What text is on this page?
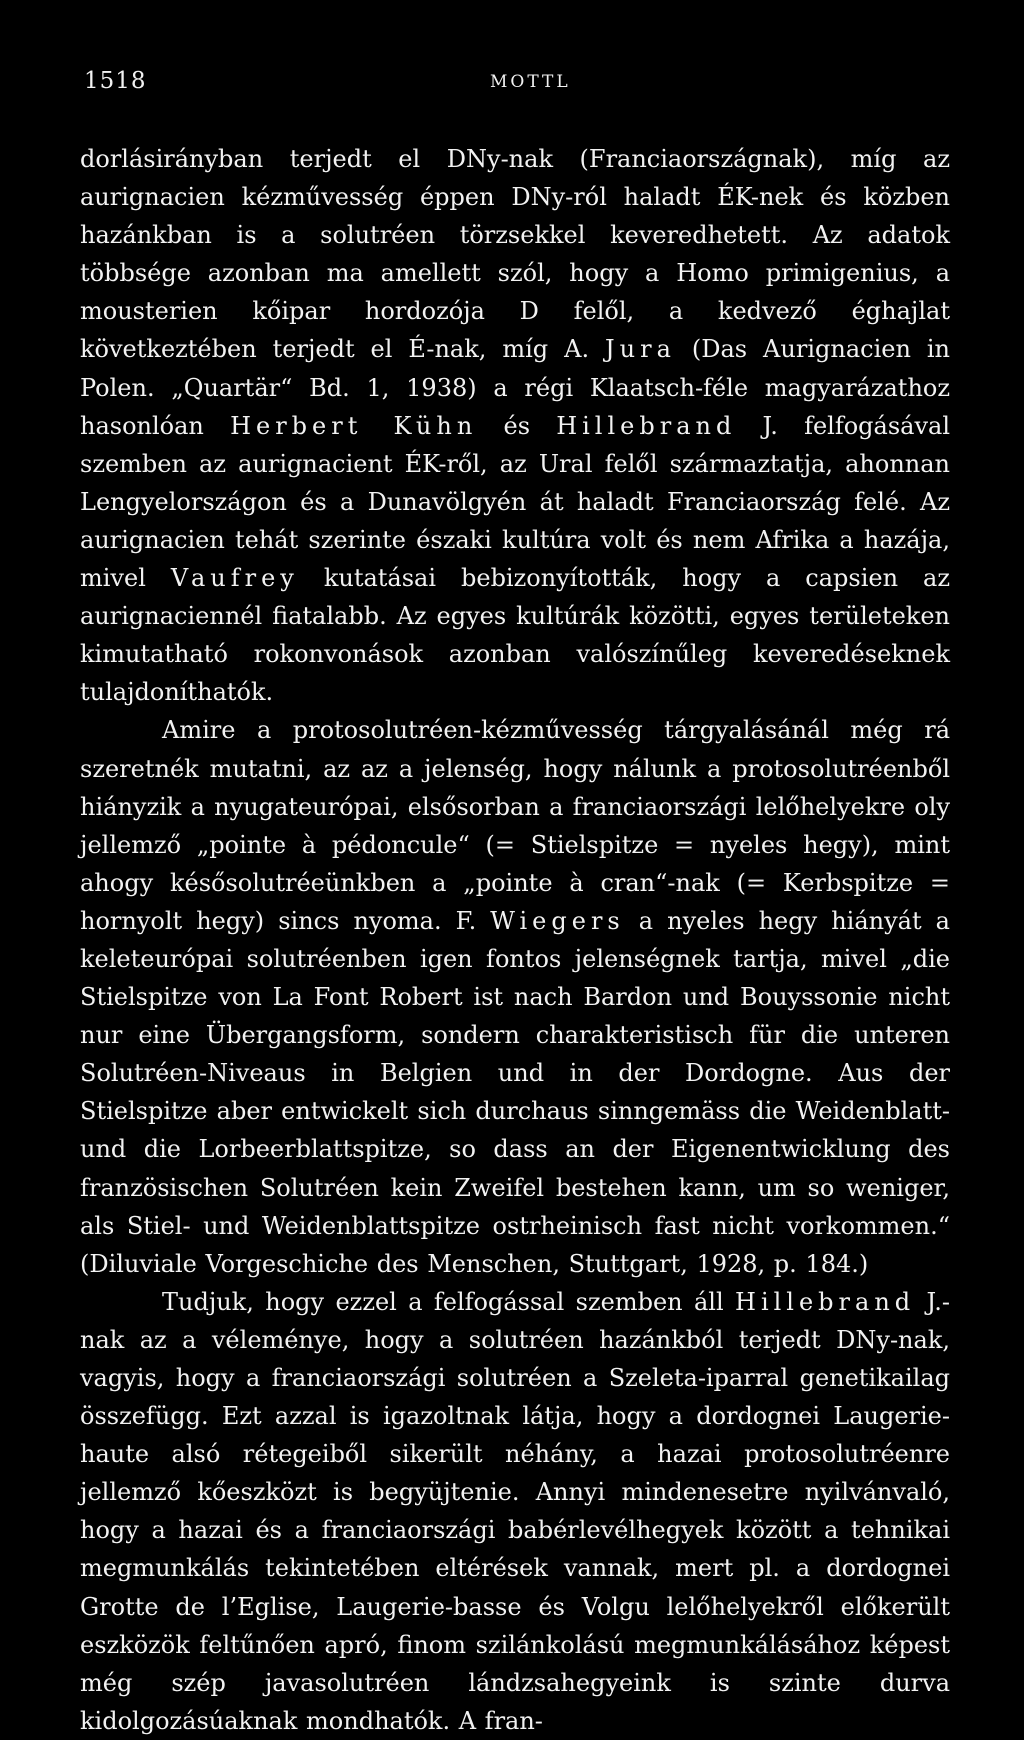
1518	MOTTL

dorlásirányban terjedt el DNy-nak (Franciaországnak), míg az aurignacien kézművesség éppen DNy-ról haladt ÉK-nek és közben hazánkban is a solutréen törzsekkel keveredhetett. Az adatok többsége azonban ma amellett szól, hogy a Homo primigenius, a mousterien kőipar hordozója D felől, a kedvező éghajlat következtében terjedt el É-nak, míg A. Jura (Das Aurignacien in Polen. „Quartär“ Bd. 1, 1938) a régi Klaatsch-féle magyarázathoz hasonlóan Herbert Kühn és Hillebrand J. felfogásával szemben az aurignacient ÉK-ről, az Ural felől származtatja, ahonnan Lengyelországon és a Dunavölgyén át haladt Franciaország felé. Az aurignacien tehát szerinte északi kultúra volt és nem Afrika a hazája, mivel Vaufrey kutatásai bebizonyították, hogy a capsien az aurignaciennél fiatalabb. Az egyes kultúrák közötti, egyes területeken kimutatható rokonvonások azonban valószínűleg keveredéseknek tulajdoníthatók.

Amire a protosolutréen-kézművesség tárgyalásánál még rá szeretnék mutatni, az az a jelenség, hogy nálunk a protosolutréenből hiányzik a nyugateurópai, elsősorban a franciaországi lelőhelyekre oly jellemző „pointe à pédoncule“ (= Stielspitze = nyeles hegy), mint ahogy késősolutréeünkben a „pointe à cran“-nak (= Kerbspitze = hornyolt hegy) sincs nyoma. F. Wiegers a nyeles hegy hiányát a keleteurópai solutréenben igen fontos jelenségnek tartja, mivel „die Stielspitze von La Font Robert ist nach Bardon und Bouyssonie nicht nur eine Übergangsform, sondern charakteristisch für die unteren Solutréen-Niveaus in Belgien und in der Dordogne. Aus der Stielspitze aber entwickelt sich durchaus sinngemäss die Weidenblatt- und die Lorbeerblattspitze, so dass an der Eigenentwicklung des französischen Solutréen kein Zweifel bestehen kann, um so weniger, als Stiel- und Weidenblattspitze ostrheinisch fast nicht vorkommen.“ (Diluviale Vorgeschiche des Menschen, Stuttgart, 1928, p. 184.)

Tudjuk, hogy ezzel a felfogással szemben áll Hillebrand J.-nak az a véleménye, hogy a solutréen hazánkból terjedt DNy-nak, vagyis, hogy a franciaországi solutréen a Szeleta-iparral genetikailag összefügg. Ezt azzal is igazoltnak látja, hogy a dordognei Laugerie-haute alsó rétegeiből sikerült néhány, a hazai protosolutréenre jellemző kőeszközt is begyüjtenie. Annyi mindenesetre nyilvánvaló, hogy a hazai és a franciaországi babérlevélhegyek között a tehnikai megmunkálás tekintetében eltérések vannak, mert pl. a dordognei Grotte de l’Eglise, Laugerie-basse és Volgu lelőhelyekről előkerült eszközök feltűnően apró, finom szilánkolású megmunkálásához képest még szép javasolutréen lándzsahegyeink is szinte durva kidolgozásúaknak mondhatók. A fran-
